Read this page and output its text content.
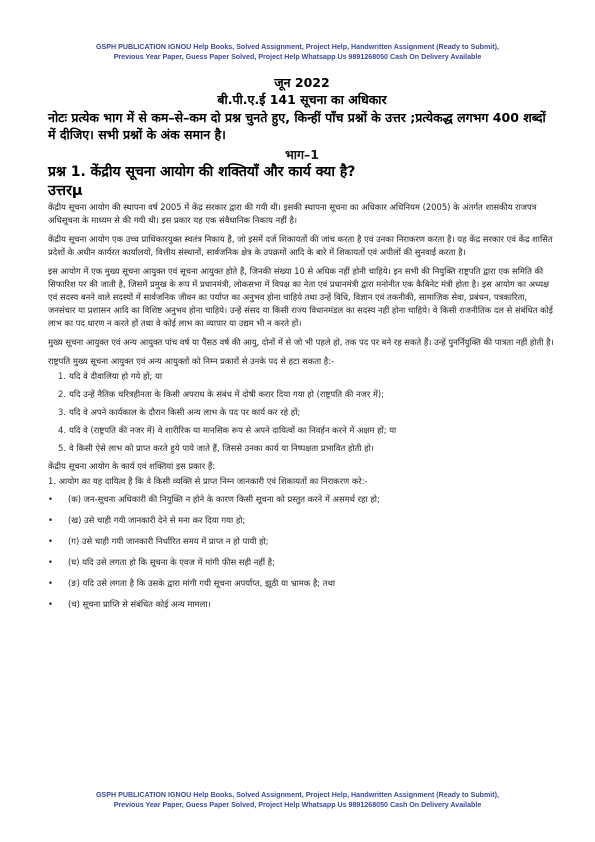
GSPH PUBLICATION IGNOU Help Books, Solved Assignment, Project Help, Handwritten Assignment (Ready to Submit),
Previous Year Paper, Guess Paper Solved, Project Help Whatsapp Us 9891268050 Cash On Delivery Available
जून 2022
बी.पी.ए.ई 141 सूचना का अधिकार
नोटः प्रत्येक भाग में से कम–से–कम दो प्रश्न चुनते हुए, किन्हीं पाँच प्रश्नों के उत्तर ;प्रत्येकद्ध लगभग 400 शब्दों में दीजिए। सभी प्रश्नों के अंक समान है।
भाग–1
प्रश्न 1. केंद्रीय सूचना आयोग की शक्तियाँ और कार्य क्या है?
उत्तरμ

केंद्रीय सूचना आयोग की स्थापना वर्ष 2005 में केंद्र सरकार द्वारा की गयी थी। इसकी स्थापना सूचना का अधिकार अधिनियम (2005) के अंतर्गत शासकीय राजपत्र अधिसूचना के माध्यम से की गयी थी। इस प्रकार यह एक संवैधानिक निकाय नहीं है।

केंद्रीय सूचना आयोग एक उच्च प्राधिकारयुक्त स्वतंत्र निकाय है, जो इसमें दर्ज शिकायतों की जांच करता है एवं उनका निराकरण करता है। यह केंद्र सरकार एवं केंद्र शासित प्रदेशों के अधीन कार्यरत कार्यालयों, वित्तीय संस्थानों, सार्वजनिक क्षेत्र के उपक्रमों आदि के बारे में शिकायतों एवं अपीलों की सुनवाई करता है।

इस आयोग में एक मुख्य सूचना आयुक्त एवं सूचना आयुक्त होते हैं, जिनकी संख्या 10 से अधिक नहीं होनी चाहिये। इन सभी की नियुक्ति राष्ट्रपति द्वारा एक समिति की सिफारिश पर की जाती है, जिसमें प्रमुख के रूप में प्रधानमंत्री, लोकसभा में विपक्ष का नेता एवं प्रधानमंत्री द्वारा मनोनीत एक कैबिनेट मंत्री होता है। इस आयोग का अध्यक्ष एवं सदस्य बनने वाले सदस्यों में सार्वजनिक जीवन का पर्याप्त का अनुभव होना चाहिये तथा उन्हें विधि, विज्ञान एवं तकनीकी, सामाजिक सेवा, प्रबंधन, पत्रकारिता, जनसंचार या प्रशासन आदि का विशिष्ट अनुभव होना चाहिये। उन्हें संसद या किसी राज्य विधानमंडल का सदस्य नहीं होना चाहिये। वे किसी राजनीतिक दल से संबंधित कोई लाभ का पद धारण न करते हों तथा वे कोई लाभ का व्यापार या उद्यम भी न करते हों।

मुख्य सूचना आयुक्त एवं अन्य आयुक्त पांच वर्ष या पैंसठ वर्ष की आयु, दोनों में से जो भी पहले हो, तक पद पर बने रह सकते हैं। उन्हें पुनर्नियुक्ति की पात्रता नहीं होती है।

राष्ट्रपति मुख्य सूचना आयुक्त एवं अन्य आयुक्तों को निम्न प्रकारों से उनके पद से हटा सकता है:-

1. यदि वे दीवालिया हो गये हों; या
2. यदि उन्हें नैतिक चरित्रहीनता के किसी अपराध के संबंध में दोषी करार दिया गया हो (राष्ट्रपति की नजर में);
3. यदि वे अपने कार्यकाल के दौरान किसी अन्य लाभ के पद पर कार्य कर रहे हों;
4. यदि वे (राष्ट्रपति की नजर में) वे शारीरिक या मानसिक रूप से अपने दायित्वों का निवर्हन करने में अक्षम हों; या
5. वे किसी ऐसे लाभ को प्राप्त करते हुये पाये जाते हैं, जिससे उनका कार्य या निष्पक्षता प्रभावित होती हो।

केंद्रीय सूचना आयोग के कार्य एवं शक्तियां इस प्रकार हैं:

1. आयोग का यह दायित्व है कि वे किसी व्यक्ति से प्राप्त निम्न जानकारी एवं शिकायतों का निराकरण करे:-
• (क) जन-सूचना अधिकारी की नियुक्ति न होने के कारण किसी सूचना को प्रस्तुत करने में असमर्थ रहा हो;
• (ख) उसे चाही गयी जानकारी देने से मना कर दिया गया हो;
• (ग) उसे चाही गयी जानकारी निर्धारित समय में प्राप्त न हो पायी हो;
• (घ) यदि उसे लगता हो कि सूचना के एवज में मांगी फीस सही नहीं है;
• (ङ) यदि उसे लगता है कि उसके द्वारा मांगी गयी सूचना अपर्याप्त, झूठी या भ्रामक है; तथा
• (च) सूचना प्राप्ति से संबंधित कोई अन्य मामला।
GSPH PUBLICATION IGNOU Help Books, Solved Assignment, Project Help, Handwritten Assignment (Ready to Submit),
Previous Year Paper, Guess Paper Solved, Project Help Whatsapp Us 9891268050 Cash On Delivery Available
